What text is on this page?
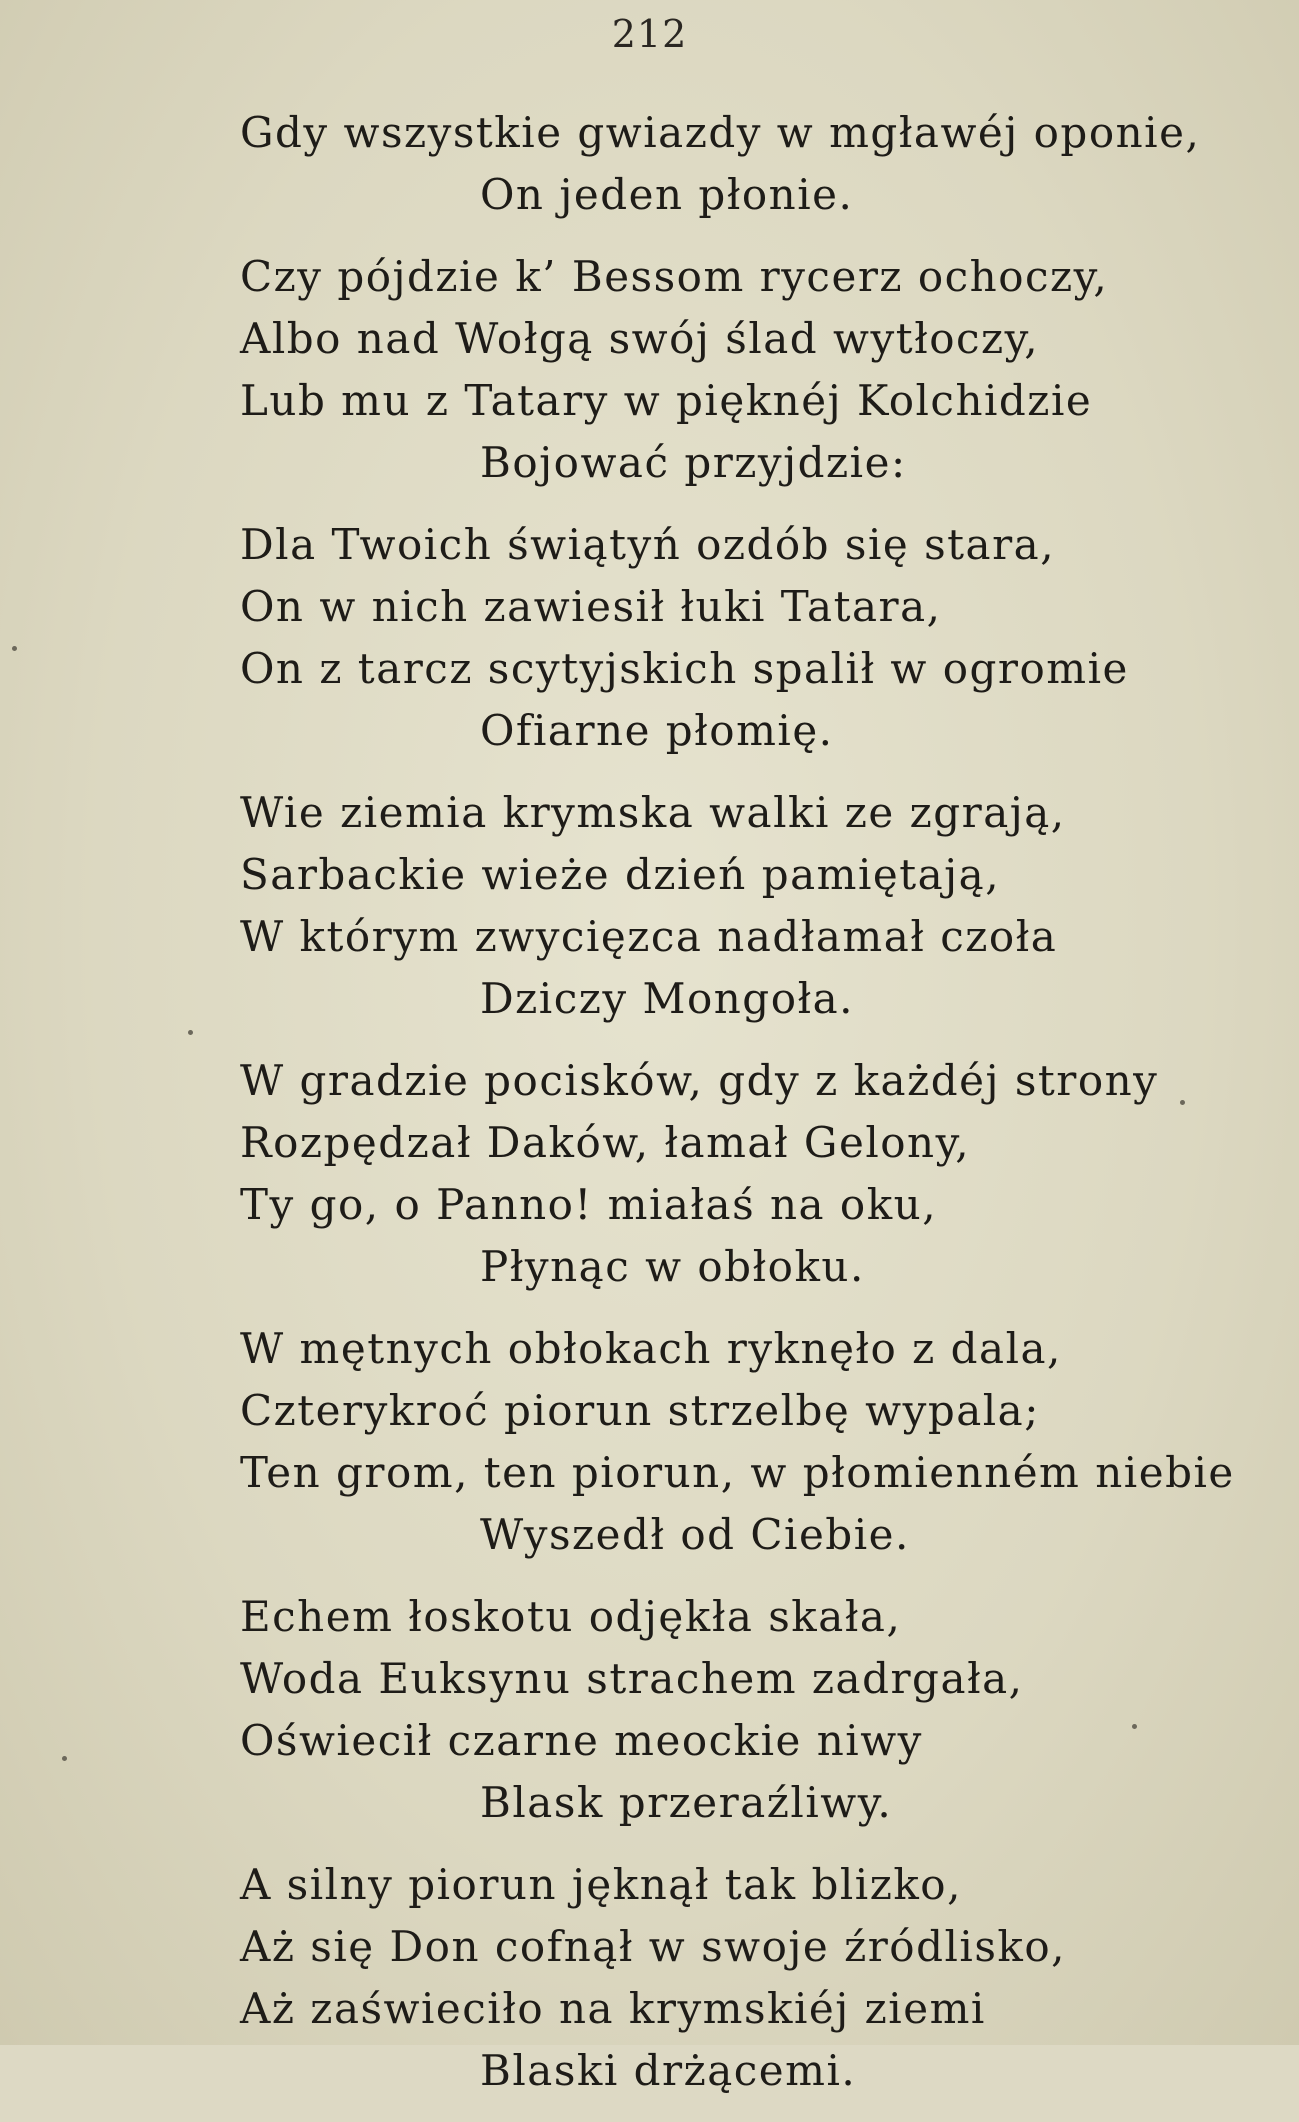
212
Gdy wszystkie gwiazdy w mgławéj oponie,
On jeden płonie.
Czy pójdzie k’ Bessom rycerz ochoczy,
Albo nad Wołgą swój ślad wytłoczy,
Lub mu z Tatary w pięknéj Kolchidzie
Bojować przyjdzie:
Dla Twoich świątyń ozdób się stara,
On w nich zawiesił łuki Tatara,
On z tarcz scytyjskich spalił w ogromie
Ofiarne płomię.
Wie ziemia krymska walki ze zgrają,
Sarbackie wieże dzień pamiętają,
W którym zwycięzca nadłamał czoła
Dziczy Mongoła.
W gradzie pocisków, gdy z każdéj strony
Rozpędzał Daków, łamał Gelony,
Ty go, o Panno! miałaś na oku,
Płynąc w obłoku.
W mętnych obłokach ryknęło z dala,
Czterykroć piorun strzelbę wypala;
Ten grom, ten piorun, w płomienném niebie
Wyszedł od Ciebie.
Echem łoskotu odjękła skała,
Woda Euksynu strachem zadrgała,
Oświecił czarne meockie niwy
Blask przeraźliwy.
A silny piorun jęknął tak blizko,
Aż się Don cofnął w swoje źródlisko,
Aż zaświeciło na krymskiéj ziemi
Blaski drżącemi.
